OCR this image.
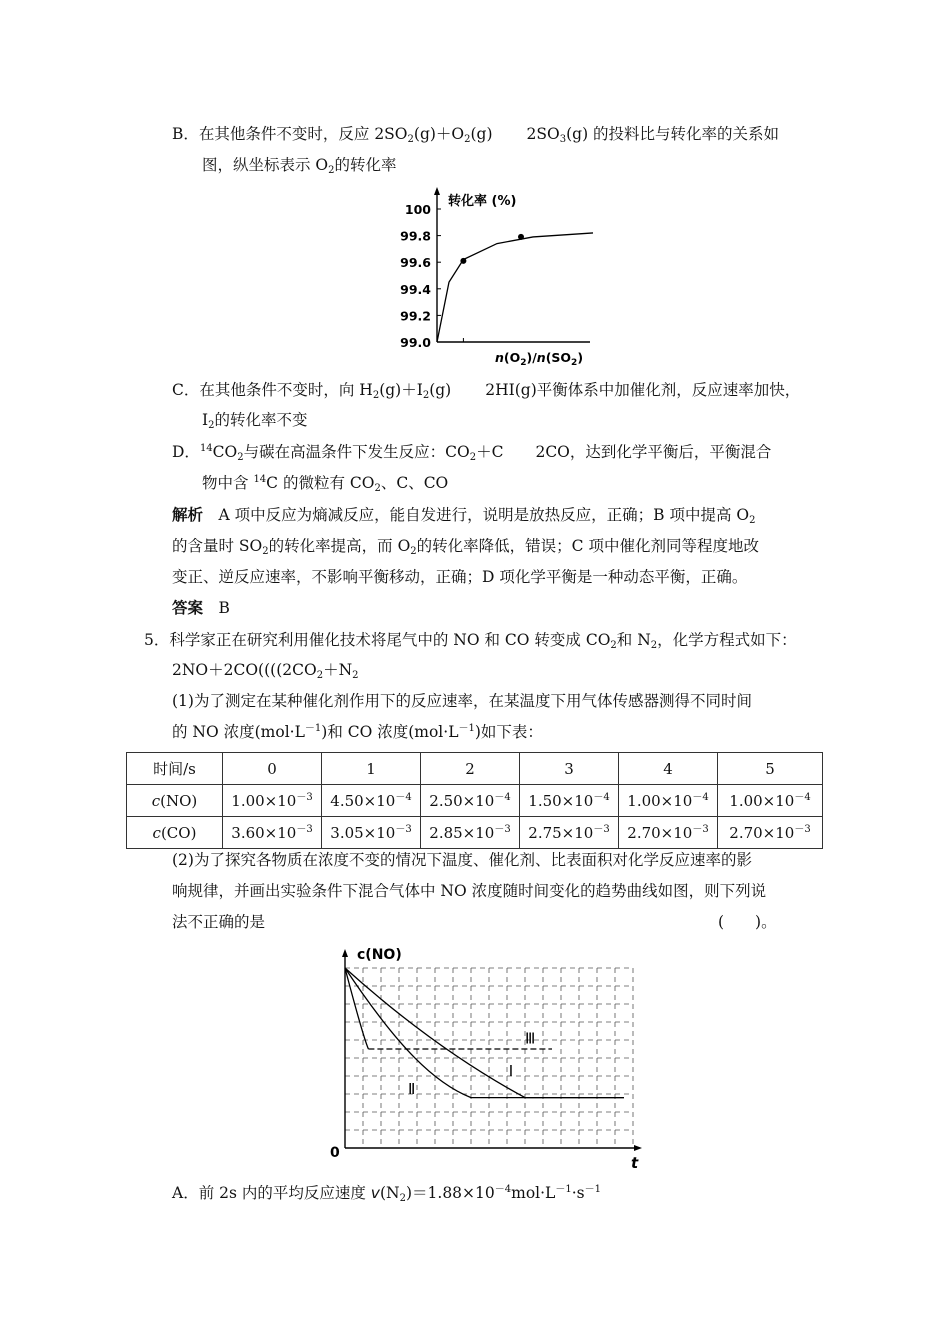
B．在其他条件不变时，反应 $2SO_2(g)+O_2(g)$ $2SO_3(g)$ 的投料比与转化率的关系如
图，纵坐标表示 $O_2$的转化率
转化率 (%)
100
99.8
99.6
99.4
99.2
99.0
$n(O_2)/n(SO_2)$
C．在其他条件不变时，向 $H_2(g)+I_2(g)$ 2HI(g)平衡体系中加催化剂，反应速率加快，
$I_2$的转化率不变
D．$^{14}CO_2$与碳在高温条件下发生反应：$CO_2+C$ 2CO，达到化学平衡后，平衡混合
物中含 $^{14}$C 的微粒有 $CO_2$、C、CO
解析　 A 项中反应为熵减反应，能自发进行，说明是放热反应，正确；B 项中提高 $O_2$
的含量时 $SO_2$的转化率提高，而 $O_2$的转化率降低，错误；C 项中催化剂同等程度地改
变正、逆反应速率，不影响平衡移动，正确；D 项化学平衡是一种动态平衡，正确。
答案　 B
5．科学家正在研究利用催化技术将尾气中的 NO 和 CO 转变成 $CO_2$和 $N_2$，化学方程式如下：
$2NO+2CO((((2CO_2+N_2$
(1)为了测定在某种催化剂作用下的反应速率，在某温度下用气体传感器测得不同时间
的 NO 浓度$(mol\cdot L^{-1})$和 CO 浓度$(mol\cdot L^{-1})$如下表：
时间/s	0	1	2	3	4	5
c(NO)	$1.00\times 10^{-3}$	$4.50\times 10^{-4}$	$2.50\times 10^{-4}$	$1.50\times 10^{-4}$	$1.00\times 10^{-4}$	$1.00\times 10^{-4}$
c(CO)	$3.60\times 10^{-3}$	$3.05\times 10^{-3}$	$2.85\times 10^{-3}$	$2.75\times 10^{-3}$	$2.70\times 10^{-3}$	$2.70\times 10^{-3}$
(2)为了探究各物质在浓度不变的情况下温度、催化剂、比表面积对化学反应速率的影
响规律，并画出实验条件下混合气体中 NO 浓度随时间变化的趋势曲线如图，则下列说
法不正确的是	(　　)。
c(NO)
0
t
Ⅰ
Ⅱ
Ⅲ
A．前 2s 内的平均反应速度 $v(N_2)=1.88\times 10^{-4}mol\cdot L^{-1}\cdot s^{-1}$
